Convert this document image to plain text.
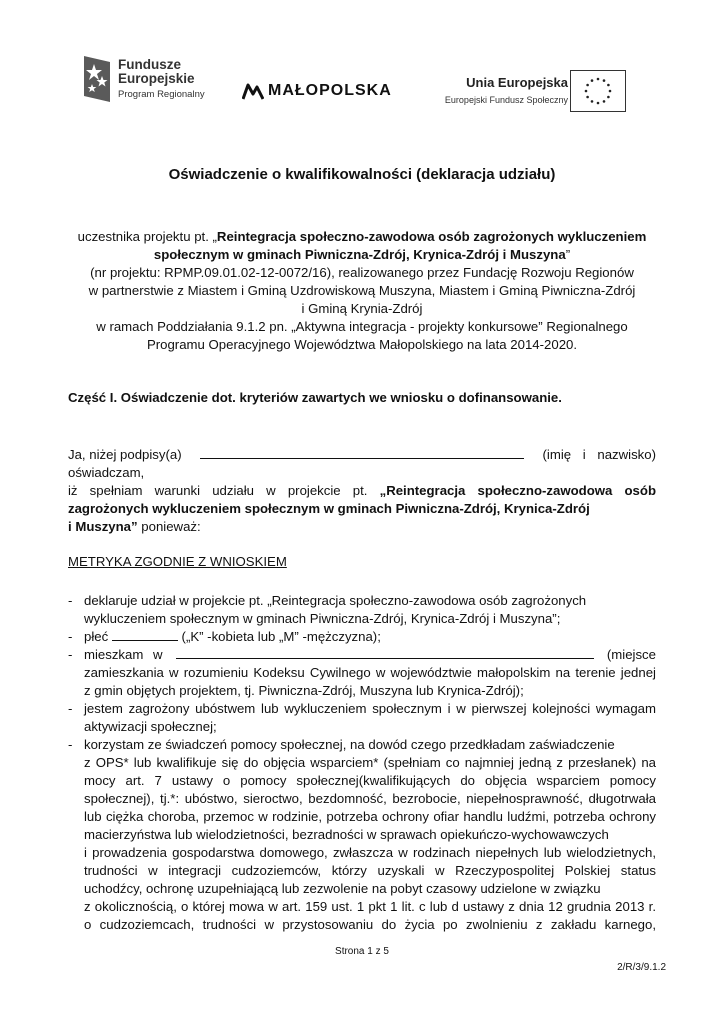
Fundusze
Europejskie
Program Regionalny	MAŁOPOLSKA	Unia Europejska
Europejski Fundusz Społeczny
Oświadczenie o kwalifikowalności (deklaracja udziału)

uczestnika projektu pt. „Reintegracja społeczno-zawodowa osób zagrożonych wykluczeniem

społecznym w gminach Piwniczna-Zdrój, Krynica-Zdrój i Muszyna”

(nr projektu: RPMP.09.01.02-12-0072/16), realizowanego przez Fundację Rozwoju Regionów

w partnerstwie z Miastem i Gminą Uzdrowiskową Muszyna, Miastem i Gminą Piwniczna-Zdrój

i Gminą Krynia-Zdrój

w ramach Poddziałania 9.1.2 pn. „Aktywna integracja - projekty konkursowe” Regionalnego

Programu Operacyjnego Województwa Małopolskiego na lata 2014-2020.

Część I. Oświadczenie dot. kryteriów zawartych we wniosku o dofinansowanie.

Ja, niżej podpisy(a)	(imię i nazwisko)

oświadczam,

iż spełniam warunki udziału w projekcie pt. „Reintegracja społeczno-zawodowa osób

zagrożonych wykluczeniem społecznym w gminach Piwniczna-Zdrój, Krynica-Zdrój

i Muszyna” ponieważ:

METRYKA ZGODNIE Z WNIOSKIEM
- deklaruje udział w projekcie pt. „Reintegracja społeczno-zawodowa osób zagrożonych

wykluczeniem społecznym w gminach Piwniczna-Zdrój, Krynica-Zdrój i Muszyna”;

- płeć	(„K” -kobieta lub „M” -mężczyzna);

- mieszkam w	(miejsce

zamieszkania w rozumieniu Kodeksu Cywilnego w województwie małopolskim na terenie jednej

z gmin objętych projektem, tj. Piwniczna-Zdrój, Muszyna lub Krynica-Zdrój);

- jestem zagrożony ubóstwem lub wykluczeniem społecznym i w pierwszej kolejności wymagam

aktywizacji społecznej;

- korzystam ze świadczeń pomocy społecznej, na dowód czego przedkładam zaświadczenie

z OPS* lub kwalifikuje się do objęcia wsparciem* (spełniam co najmniej jedną z przesłanek) na

mocy art. 7 ustawy o pomocy społecznej(kwalifikujących do objęcia wsparciem pomocy

społecznej), tj.*: ubóstwo, sieroctwo, bezdomność, bezrobocie, niepełnosprawność, długotrwała

lub ciężka choroba, przemoc w rodzinie, potrzeba ochrony ofiar handlu ludźmi, potrzeba ochrony

macierzyństwa lub wielodzietności, bezradności w sprawach opiekuńczo-wychowawczych

i prowadzenia gospodarstwa domowego, zwłaszcza w rodzinach niepełnych lub wielodzietnych,

trudności w integracji cudzoziemców, którzy uzyskali w Rzeczypospolitej Polskiej status

uchodźcy, ochronę uzupełniającą lub zezwolenie na pobyt czasowy udzielone w związku

z okolicznością, o której mowa w art. 159 ust. 1 pkt 1 lit. c lub d ustawy z dnia 12 grudnia 2013 r.

o cudzoziemcach, trudności w przystosowaniu do życia po zwolnieniu z zakładu karnego,

Strona 1 z 5
2/R/3/9.1.2
